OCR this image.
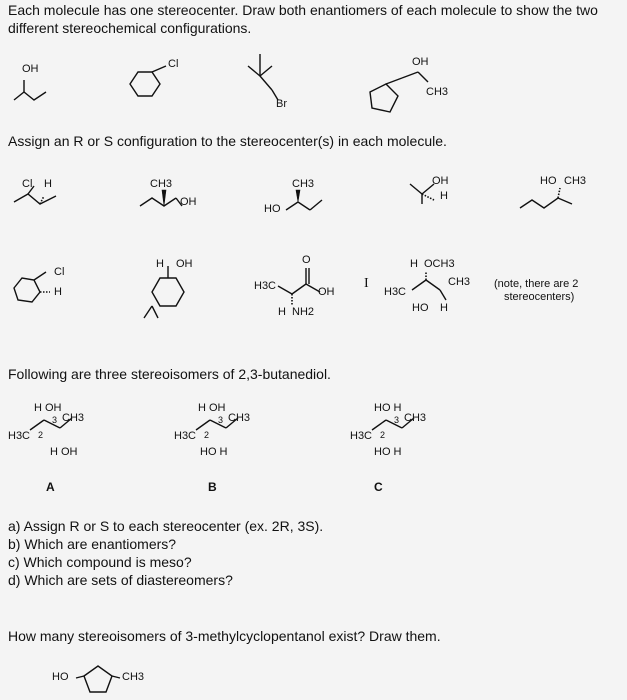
Each molecule has one stereocenter. Draw both enantiomers of each molecule to show the two
different stereochemical configurations.
OH	Cl
Br
OH
CH3
Assign an R or S configuration to the stereocenter(s) in each molecule.
Cl H	CH3
OH
CH3
HO
OH
H
HO CH3
Cl
H
H OH	O
H3C	OH
H NH2
I
H OCH3
H3C
CH3
HO H
(note, there are 2
stereocenters)
Following are three stereoisomers of 2,3-butanediol.
H OH
3 CH3
H3C 2
H OH
A
H OH
3 CH3
H3C 2
HO H
B
HO H
3 CH3
H3C 2
HO H
C
a) Assign R or S to each stereocenter (ex. 2R, 3S).
b) Which are enantiomers?
c) Which compound is meso?
d) Which are sets of diastereomers?
How many stereoisomers of 3-methylcyclopentanol exist? Draw them.
HO	CH3
